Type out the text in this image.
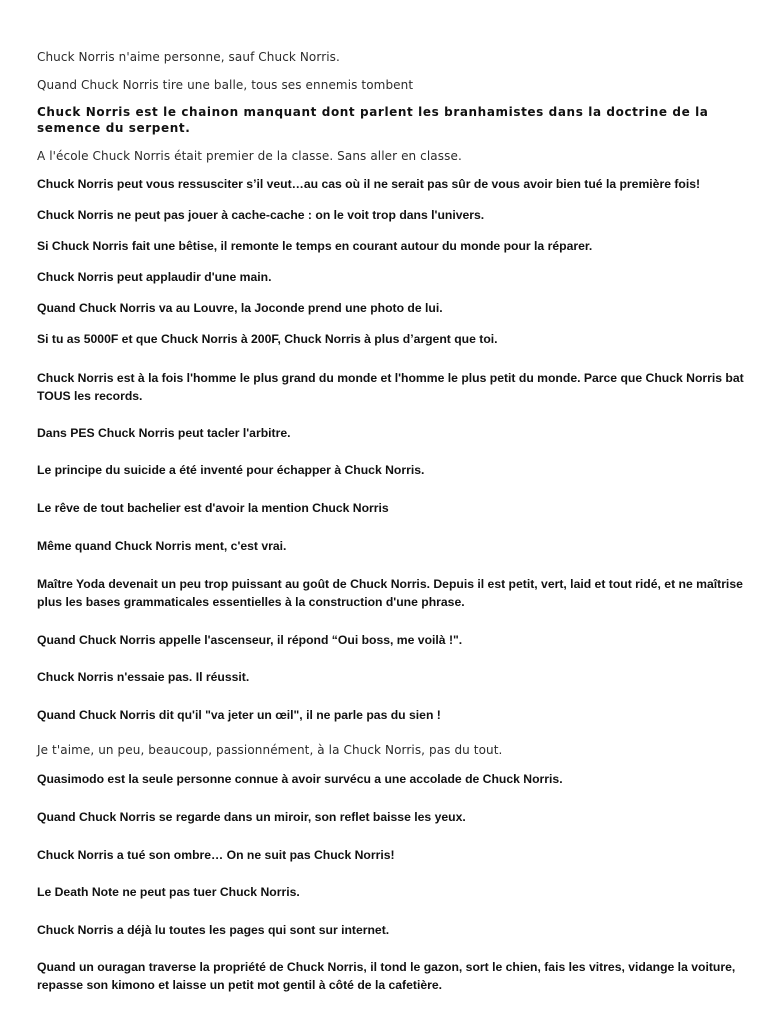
Chuck Norris n'aime personne, sauf Chuck Norris.
Quand Chuck Norris tire une balle, tous ses ennemis tombent
Chuck Norris est le chainon manquant dont parlent les branhamistes dans la doctrine de la semence du serpent.
A l'école Chuck Norris était premier de la classe. Sans aller en classe.
Chuck Norris peut vous ressusciter s’il veut…au cas où il ne serait pas sûr de vous avoir bien tué la première fois!
Chuck Norris ne peut pas jouer à cache-cache : on le voit trop dans l'univers.
Si Chuck Norris fait une bêtise, il remonte le temps en courant autour du monde pour la réparer.
Chuck Norris peut applaudir d'une main.
Quand Chuck Norris va au Louvre, la Joconde prend une photo de lui.
Si tu as 5000F et que Chuck Norris à 200F, Chuck Norris à plus d’argent que toi.
Chuck Norris est à la fois l'homme le plus grand du monde et l'homme le plus petit du monde. Parce que Chuck Norris bat TOUS les records.
Dans PES Chuck Norris peut tacler l'arbitre.
Le principe du suicide a été inventé pour échapper à Chuck Norris.
Le rêve de tout bachelier est d'avoir la mention Chuck Norris
Même quand Chuck Norris ment, c'est vrai.
Maître Yoda devenait un peu trop puissant au goût de Chuck Norris. Depuis il est petit, vert, laid et tout ridé, et ne maîtrise plus les bases grammaticales essentielles à la construction d'une phrase.
Quand Chuck Norris appelle l'ascenseur, il répond “Oui boss, me voilà !".
Chuck Norris n'essaie pas. Il réussit.
Quand Chuck Norris dit qu'il "va jeter un œil", il ne parle pas du sien !
Je t'aime, un peu, beaucoup, passionnément, à la Chuck Norris, pas du tout.
Quasimodo est la seule personne connue à avoir survécu a une accolade de Chuck Norris.
Quand Chuck Norris se regarde dans un miroir, son reflet baisse les yeux.
Chuck Norris a tué son ombre… On ne suit pas Chuck Norris!
Le Death Note ne peut pas tuer Chuck Norris.
Chuck Norris a déjà lu toutes les pages qui sont sur internet.
Quand un ouragan traverse la propriété de Chuck Norris, il tond le gazon, sort le chien, fais les vitres, vidange la voiture, repasse son kimono et laisse un petit mot gentil à côté de la cafetière.
